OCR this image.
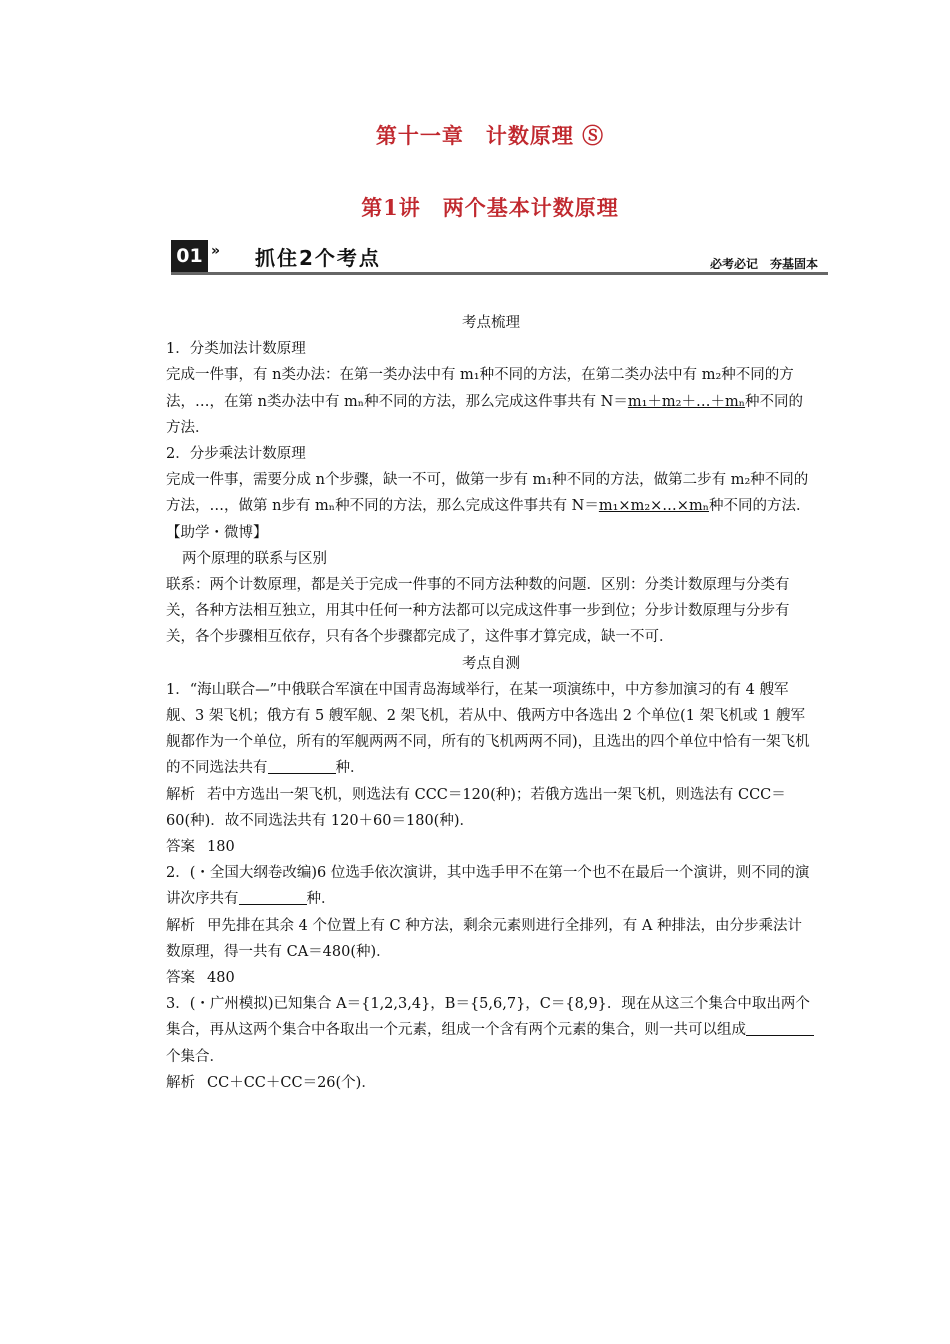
第十一章　计数原理 Ⓢ
第1讲　两个基本计数原理
01 » 抓住2个考点	必考必记　夯基固本

考点梳理

1．分类加法计数原理

完成一件事，有 n类办法：在第一类办法中有 m₁种不同的方法，在第二类办法中有 m₂种不同的方法，…，在第 n类办法中有 mₙ种不同的方法，那么完成这件事共有 N＝m₁＋m₂＋…＋mₙ种不同的方法．

2．分步乘法计数原理

完成一件事，需要分成 n个步骤，缺一不可，做第一步有 m₁种不同的方法，做第二步有 m₂种不同的方法，…，做第 n步有 mₙ种不同的方法，那么完成这件事共有 N＝m₁×m₂×…×mₙ种不同的方法．

【助学・微博】

两个原理的联系与区别

联系：两个计数原理，都是关于完成一件事的不同方法种数的问题．区别：分类计数原理与分类有关，各种方法相互独立，用其中任何一种方法都可以完成这件事一步到位；分步计数原理与分步有关，各个步骤相互依存，只有各个步骤都完成了，这件事才算完成，缺一不可．

考点自测

1．“海山联合—”中俄联合军演在中国青岛海域举行，在某一项演练中，中方参加演习的有 4 艘军舰、3 架飞机；俄方有 5 艘军舰、2 架飞机，若从中、俄两方中各选出 2 个单位(1 架飞机或 1 艘军舰都作为一个单位，所有的军舰两两不同，所有的飞机两两不同)，且选出的四个单位中恰有一架飞机的不同选法共有	种．

解析 若中方选出一架飞机，则选法有 CCC＝120(种)；若俄方选出一架飞机，则选法有 CCC＝60(种)．故不同选法共有 120＋60＝180(种)．

答案 180

2．(・全国大纲卷改编)6 位选手依次演讲，其中选手甲不在第一个也不在最后一个演讲，则不同的演讲次序共有	种．

解析 甲先排在其余 4 个位置上有 C 种方法，剩余元素则进行全排列，有 A 种排法，由分步乘法计数原理，得一共有 CA＝480(种)．

答案 480

3．(・广州模拟)已知集合 A＝{1,2,3,4}，B＝{5,6,7}，C＝{8,9}．现在从这三个集合中取出两个集合，再从这两个集合中各取出一个元素，组成一个含有两个元素的集合，则一共可以组成个集合．

解析 CC＋CC＋CC＝26(个)．
